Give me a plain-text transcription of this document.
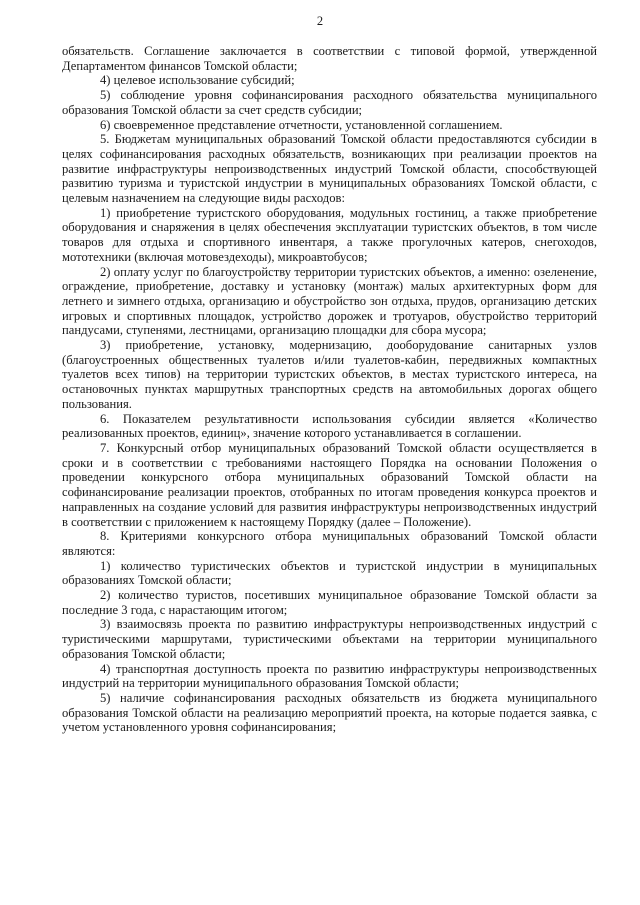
2

обязательств. Соглашение заключается в соответствии с типовой формой, утвержденной Департаментом финансов Томской области;

4) целевое использование субсидий;

5) соблюдение уровня софинансирования расходного обязательства муниципального образования Томской области за счет средств субсидии;

6) своевременное представление отчетности, установленной соглашением.

5. Бюджетам муниципальных образований Томской области предоставляются субсидии в целях софинансирования расходных обязательств, возникающих при реализации проектов на развитие инфраструктуры непроизводственных индустрий Томской области, способствующей развитию туризма и туристской индустрии в муниципальных образованиях Томской области, с целевым назначением на следующие виды расходов:

1) приобретение туристского оборудования, модульных гостиниц, а также приобретение оборудования и снаряжения в целях обеспечения эксплуатации туристских объектов, в том числе товаров для отдыха и спортивного инвентаря, а также прогулочных катеров, снегоходов, мототехники (включая мотовездеходы), микроавтобусов;

2) оплату услуг по благоустройству территории туристских объектов, а именно: озеленение, ограждение, приобретение, доставку и установку (монтаж) малых архитектурных форм для летнего и зимнего отдыха, организацию и обустройство зон отдыха, прудов, организацию детских игровых и спортивных площадок, устройство дорожек и тротуаров, обустройство территорий пандусами, ступенями, лестницами, организацию площадки для сбора мусора;

3) приобретение, установку, модернизацию, дооборудование санитарных узлов (благоустроенных общественных туалетов и/или туалетов-кабин, передвижных компактных туалетов всех типов) на территории туристских объектов, в местах туристского интереса, на остановочных пунктах маршрутных транспортных средств на автомобильных дорогах общего пользования.

6. Показателем результативности использования субсидии является «Количество реализованных проектов, единиц», значение которого устанавливается в соглашении.

7. Конкурсный отбор муниципальных образований Томской области осуществляется в сроки и в соответствии с требованиями настоящего Порядка на основании Положения о проведении конкурсного отбора муниципальных образований Томской области на софинансирование реализации проектов, отобранных по итогам проведения конкурса проектов и направленных на создание условий для развития инфраструктуры непроизводственных индустрий в соответствии с приложением к настоящему Порядку (далее – Положение).

8. Критериями конкурсного отбора муниципальных образований Томской области являются:

1) количество туристических объектов и туристской индустрии в муниципальных образованиях Томской области;

2) количество туристов, посетивших муниципальное образование Томской области за последние 3 года, с нарастающим итогом;

3) взаимосвязь проекта по развитию инфраструктуры непроизводственных индустрий с туристическими маршрутами, туристическими объектами на территории муниципального образования Томской области;

4) транспортная доступность проекта по развитию инфраструктуры непроизводственных индустрий на территории муниципального образования Томской области;

5) наличие софинансирования расходных обязательств из бюджета муниципального образования Томской области на реализацию мероприятий проекта, на которые подается заявка, с учетом установленного уровня софинансирования;
